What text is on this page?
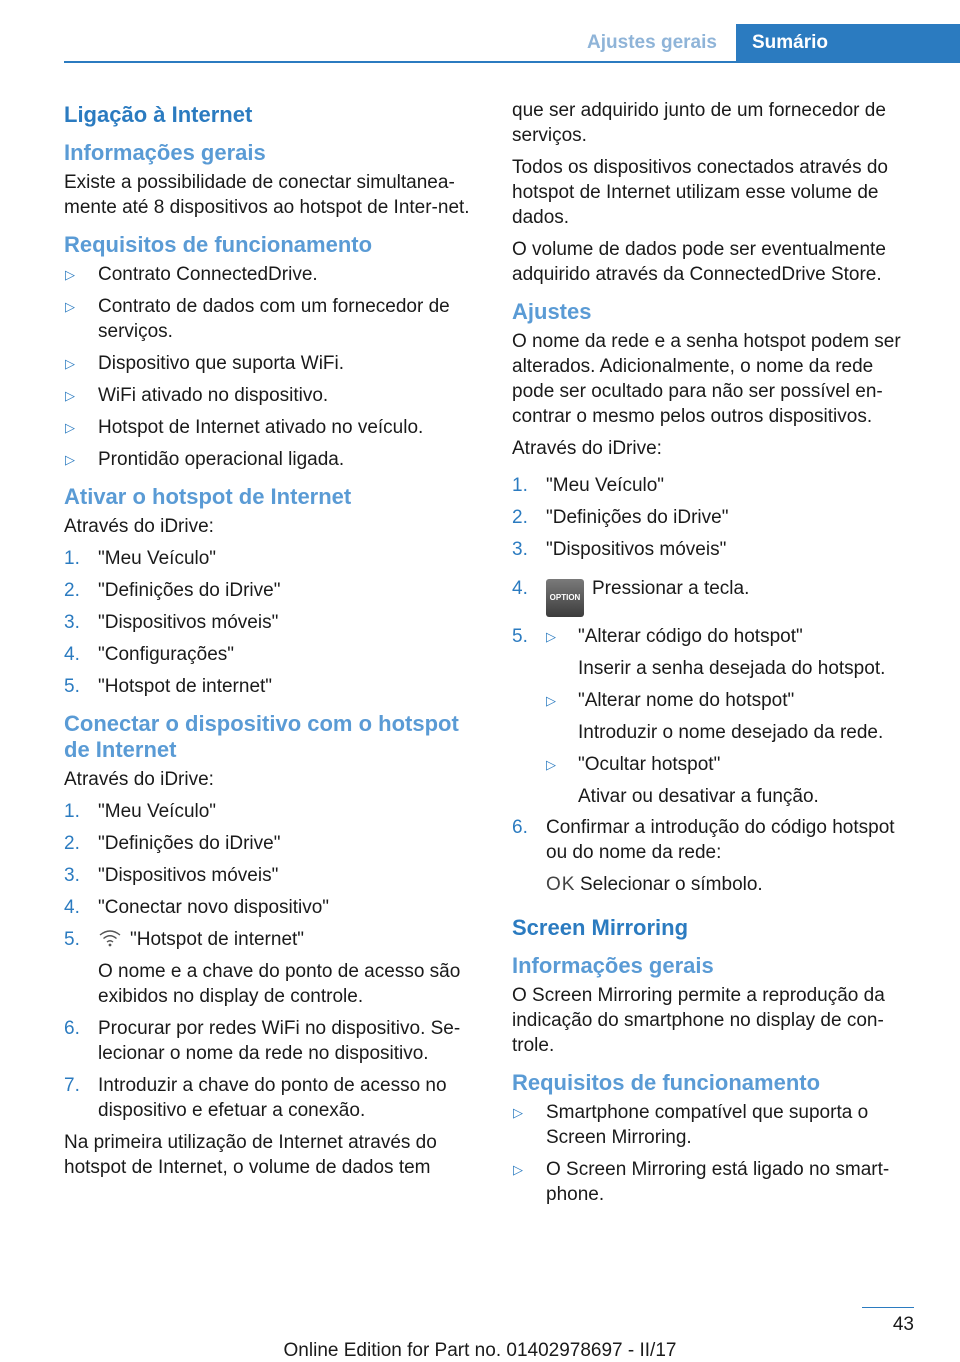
Ajustes gerais	Sumário
Ligação à Internet
Informações gerais
Existe a possibilidade de conectar simultanea-mente até 8 dispositivos ao hotspot de Inter-net.
Requisitos de funcionamento
▷ Contrato ConnectedDrive.
▷ Contrato de dados com um fornecedor de serviços.
▷ Dispositivo que suporta WiFi.
▷ WiFi ativado no dispositivo.
▷ Hotspot de Internet ativado no veículo.
▷ Prontidão operacional ligada.
Ativar o hotspot de Internet
Através do iDrive:
1. "Meu Veículo"
2. "Definições do iDrive"
3. "Dispositivos móveis"
4. "Configurações"
5. "Hotspot de internet"
Conectar o dispositivo com o hotspot de Internet
Através do iDrive:
1. "Meu Veículo"
2. "Definições do iDrive"
3. "Dispositivos móveis"
4. "Conectar novo dispositivo"
5.	"Hotspot de internet"
O nome e a chave do ponto de acesso são exibidos no display de controle.
6. Procurar por redes WiFi no dispositivo. Se-lecionar o nome da rede no dispositivo.
7. Introduzir a chave do ponto de acesso no dispositivo e efetuar a conexão.
Na primeira utilização de Internet através do hotspot de Internet, o volume de dados tem
que ser adquirido junto de um fornecedor de serviços.
Todos os dispositivos conectados através do hotspot de Internet utilizam esse volume de dados.
O volume de dados pode ser eventualmente adquirido através da ConnectedDrive Store.
Ajustes
O nome da rede e a senha hotspot podem ser alterados. Adicionalmente, o nome da rede pode ser ocultado para não ser possível en-contrar o mesmo pelos outros dispositivos.
Através do iDrive:
1. "Meu Veículo"
2. "Definições do iDrive"
3. "Dispositivos móveis"
4.	OPTION Pressionar a tecla.
5. ▷ "Alterar código do hotspot"
Inserir a senha desejada do hotspot.
▷ "Alterar nome do hotspot"
Introduzir o nome desejado da rede.
▷ "Ocultar hotspot"
Ativar ou desativar a função.
6. Confirmar a introdução do código hotspot ou do nome da rede:
OK Selecionar o símbolo.
Screen Mirroring
Informações gerais
O Screen Mirroring permite a reprodução da indicação do smartphone no display de con-trole.
Requisitos de funcionamento
▷ Smartphone compatível que suporta o Screen Mirroring.
▷ O Screen Mirroring está ligado no smart-phone.
43
Online Edition for Part no. 01402978697 - II/17
